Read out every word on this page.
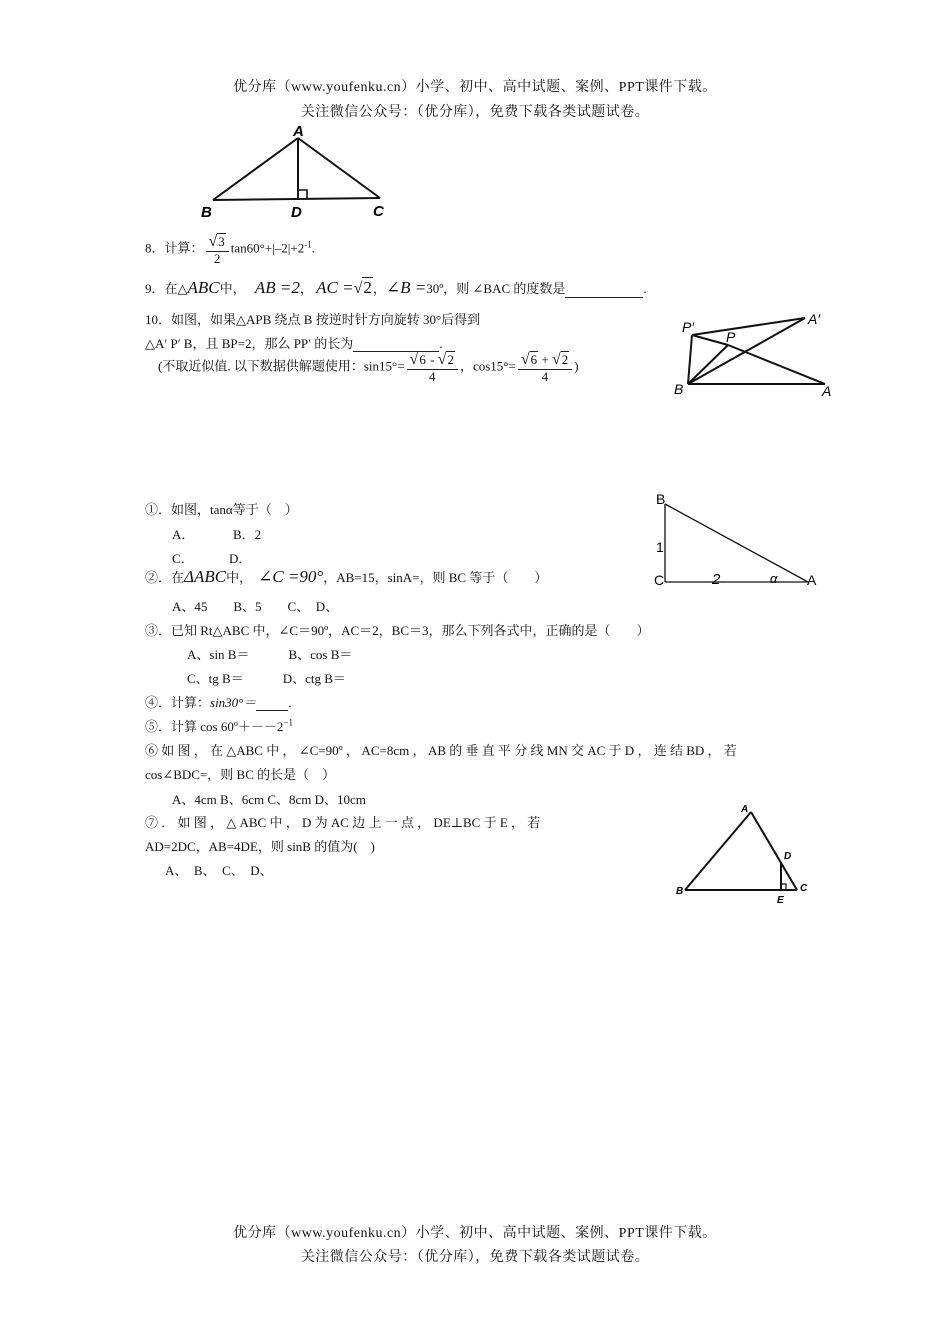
优分库（www.youfenku.cn）小学、初中、高中试题、案例、PPT课件下载。
关注微信公众号：（优分库），免费下载各类试题试卷。
A
B	D	C
8．计算： $\frac{√3}{2} \tan 60^\circ+|-2|+2^{-1}$.
9．在△ABC中， AB =2， AC =√2，∠B =30º，则 ∠BAC 的度数是	.
10．如图，如果△APB 绕点 B 按逆时针方向旋转 30°后得到
△A′ P′ B，且 BP=2，那么 PP′ 的长为	.
(不取近似值. 以下数据供解题使用：$\sin 15^\circ= \frac{√6 - √2}{4}$ ，$\cos 15^\circ= \frac{√6 + √2}{4}$ )
P′	A′
P
B	A
①．如图，tanα等于（　）
A．	B．2
C．	D．
B
1
C	2	α A
②．在ΔABC中， ∠C =90°，AB=15，sinA=，则 BC 等于（　　）
A、45　　B、5　　C、　D、
③．已知 Rt△ABC 中，∠C＝90º，AC＝2，BC＝3，那么下列各式中，正确的是（　　）
A、sin B＝　　　B、cos B＝
C、tg B＝　　　D、ctg B＝
④．计算：sin30°＝ .
⑤．计算 $\cos 60º+--2^{-1}$
⑥ 如 图 ， 在 △ABC 中 ， ∠C=90º ， AC=8cm ， AB 的 垂 直 平 分 线 MN 交 AC 于 D ， 连 结 BD ， 若
cos∠BDC=，则 BC 的长是（　）
A、4cm B、6cm C、8cm D、10cm
⑦ ． 如 图 ， △ ABC 中 ， D 为 AC 边 上 一 点 ， DE⊥BC 于 E ， 若
AD=2DC，AB=4DE，则 sinB 的值为(　)
A、　B、　C、　D、
A
D
B
E
C
优分库（www.youfenku.cn）小学、初中、高中试题、案例、PPT课件下载。
关注微信公众号：（优分库），免费下载各类试题试卷。
